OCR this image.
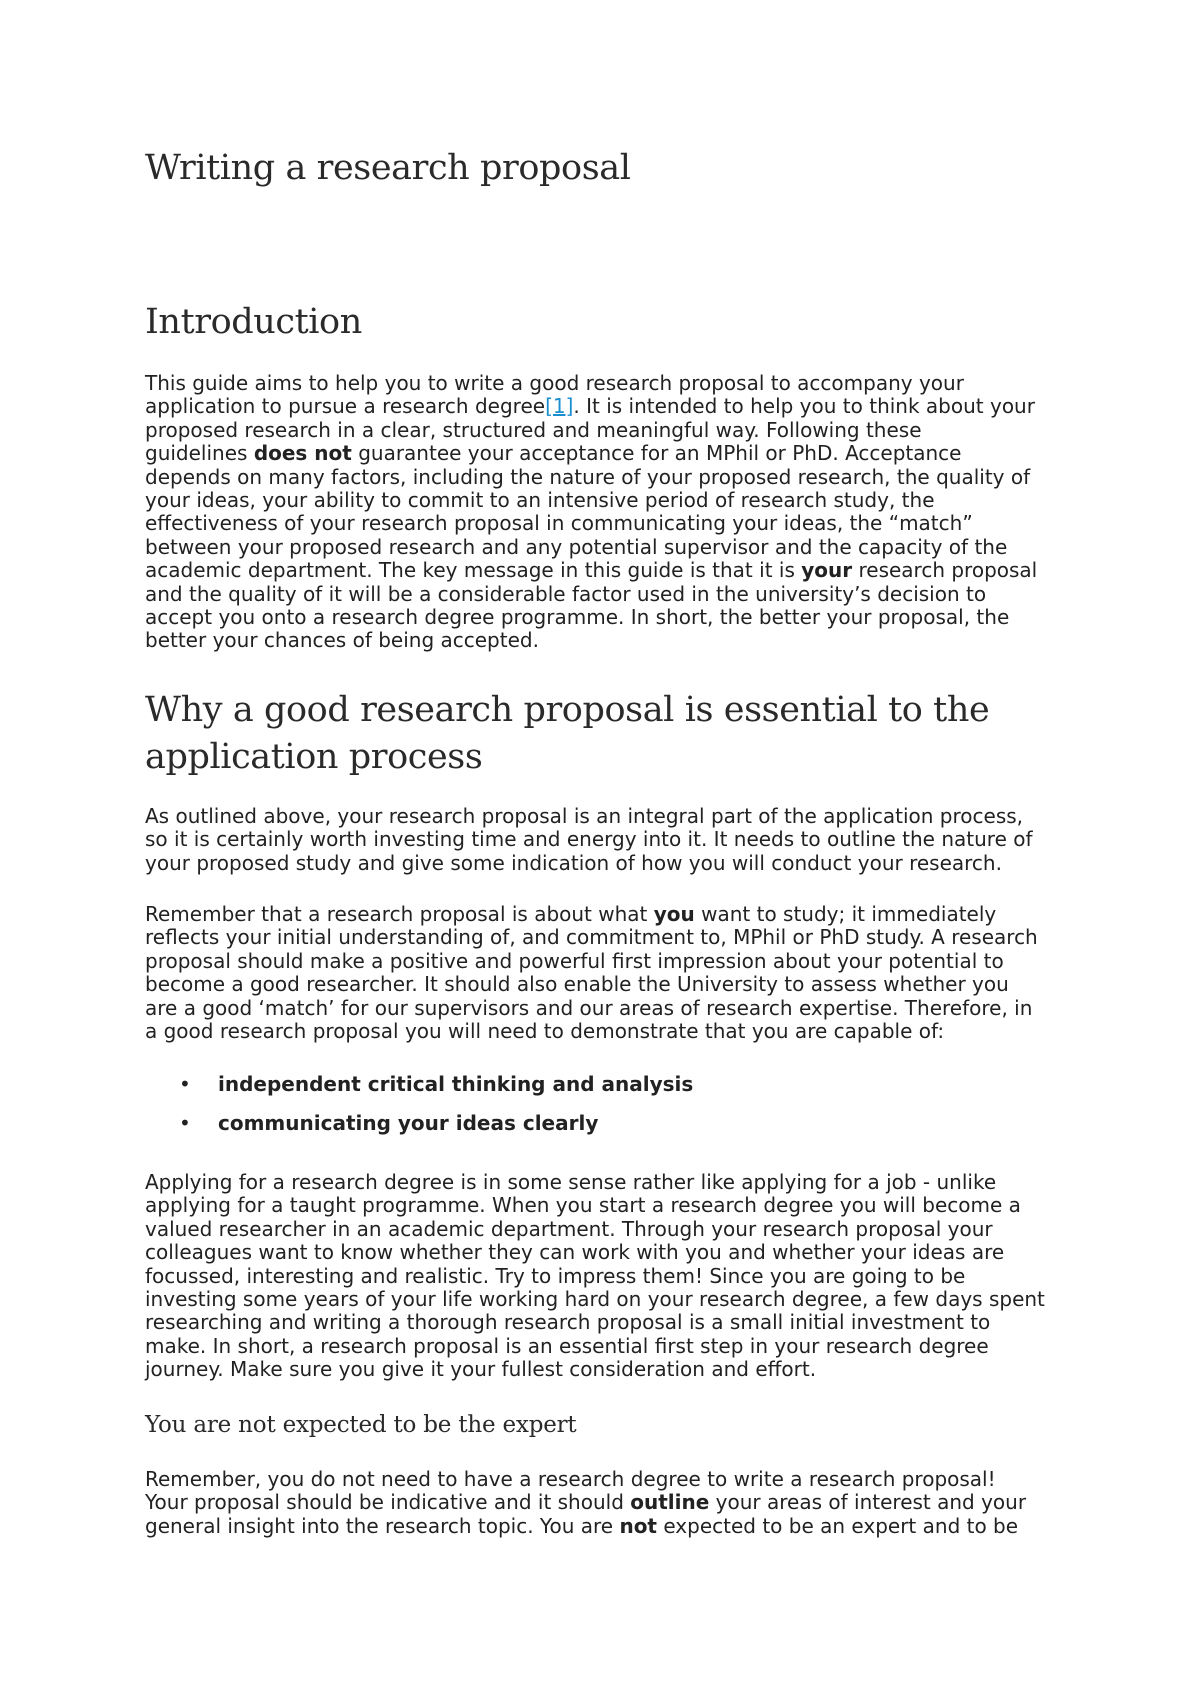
Writing a research proposal
Introduction
This guide aims to help you to write a good research proposal to accompany your
application to pursue a research degree[1]. It is intended to help you to think about your
proposed research in a clear, structured and meaningful way. Following these
guidelines does not guarantee your acceptance for an MPhil or PhD. Acceptance
depends on many factors, including the nature of your proposed research, the quality of
your ideas, your ability to commit to an intensive period of research study, the
effectiveness of your research proposal in communicating your ideas, the “match”
between your proposed research and any potential supervisor and the capacity of the
academic department. The key message in this guide is that it is your research proposal
and the quality of it will be a considerable factor used in the university’s decision to
accept you onto a research degree programme. In short, the better your proposal, the
better your chances of being accepted.
Why a good research proposal is essential to the application process
As outlined above, your research proposal is an integral part of the application process,
so it is certainly worth investing time and energy into it. It needs to outline the nature of
your proposed study and give some indication of how you will conduct your research.
Remember that a research proposal is about what you want to study; it immediately
reflects your initial understanding of, and commitment to, MPhil or PhD study. A research
proposal should make a positive and powerful first impression about your potential to
become a good researcher. It should also enable the University to assess whether you
are a good ‘match’ for our supervisors and our areas of research expertise. Therefore, in
a good research proposal you will need to demonstrate that you are capable of:
• independent critical thinking and analysis
• communicating your ideas clearly
Applying for a research degree is in some sense rather like applying for a job - unlike
applying for a taught programme. When you start a research degree you will become a
valued researcher in an academic department. Through your research proposal your
colleagues want to know whether they can work with you and whether your ideas are
focussed, interesting and realistic. Try to impress them! Since you are going to be
investing some years of your life working hard on your research degree, a few days spent
researching and writing a thorough research proposal is a small initial investment to
make. In short, a research proposal is an essential first step in your research degree
journey. Make sure you give it your fullest consideration and effort.
You are not expected to be the expert
Remember, you do not need to have a research degree to write a research proposal!
Your proposal should be indicative and it should outline your areas of interest and your
general insight into the research topic. You are not expected to be an expert and to be
